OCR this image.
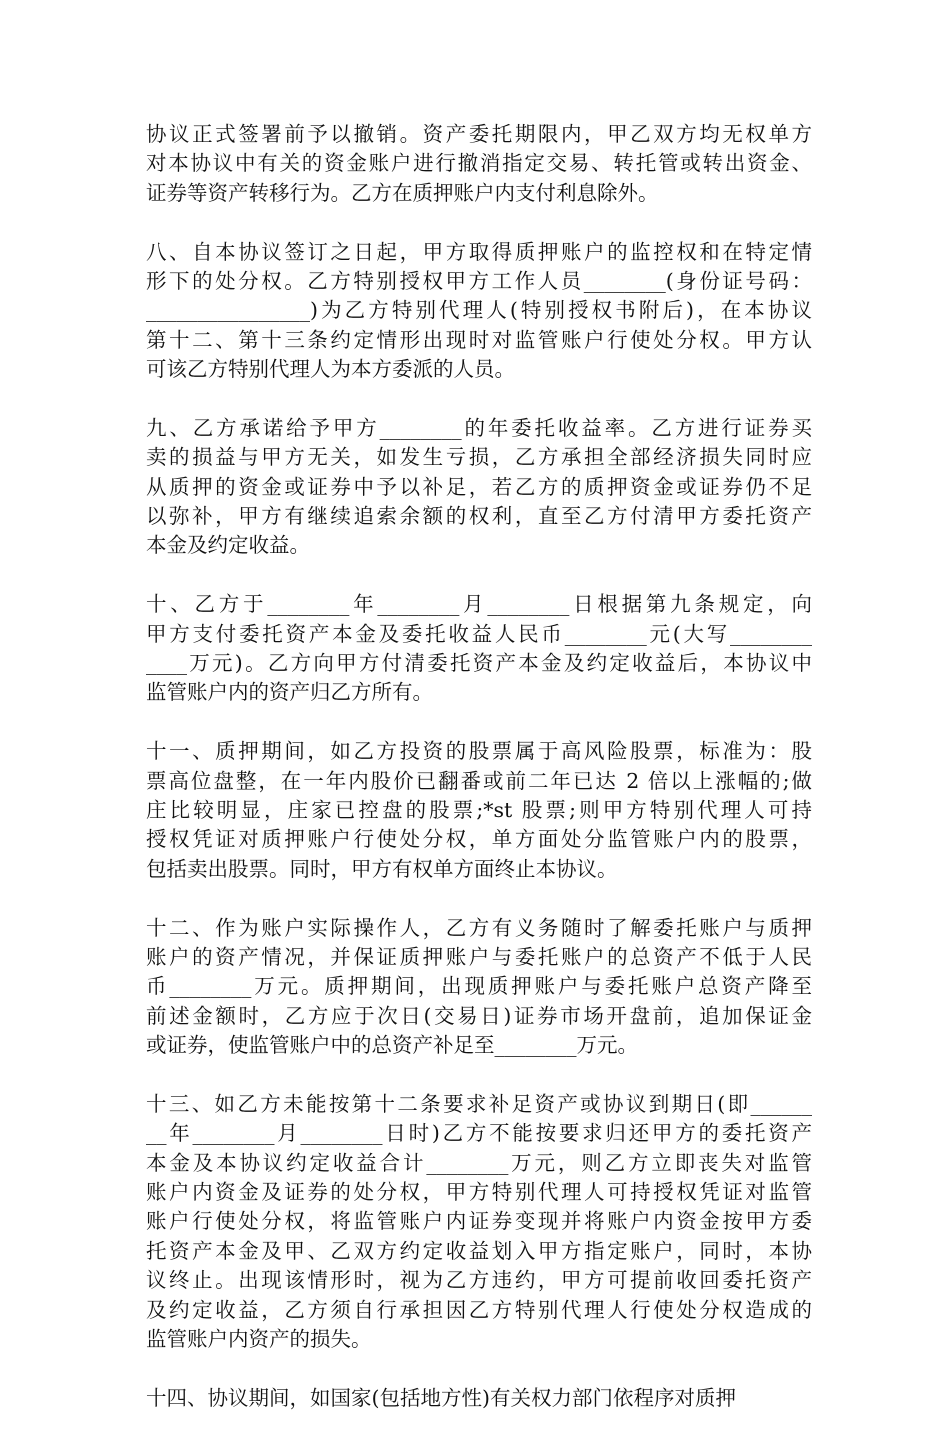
协议正式签署前予以撤销。资产委托期限内，甲乙双方均无权单方
对本协议中有关的资金账户进行撤消指定交易、转托管或转出资金、
证券等资产转移行为。乙方在质押账户内支付利息除外。
八、自本协议签订之日起，甲方取得质押账户的监控权和在特定情
形下的处分权。乙方特别授权甲方工作人员________(身份证号码：
________________)为乙方特别代理人(特别授权书附后)，在本协议
第十二、第十三条约定情形出现时对监管账户行使处分权。甲方认
可该乙方特别代理人为本方委派的人员。
九、乙方承诺给予甲方________的年委托收益率。乙方进行证券买
卖的损益与甲方无关，如发生亏损，乙方承担全部经济损失同时应
从质押的资金或证券中予以补足，若乙方的质押资金或证券仍不足
以弥补，甲方有继续追索余额的权利，直至乙方付清甲方委托资产
本金及约定收益。
十、乙方于________年________月________日根据第九条规定，向
甲方支付委托资产本金及委托收益人民币________元(大写________
____万元)。乙方向甲方付清委托资产本金及约定收益后，本协议中
监管账户内的资产归乙方所有。
十一、质押期间，如乙方投资的股票属于高风险股票，标准为：股
票高位盘整，在一年内股价已翻番或前二年已达 2 倍以上涨幅的;做
庄比较明显，庄家已控盘的股票;*st 股票;则甲方特别代理人可持
授权凭证对质押账户行使处分权，单方面处分监管账户内的股票，
包括卖出股票。同时，甲方有权单方面终止本协议。
十二、作为账户实际操作人，乙方有义务随时了解委托账户与质押
账户的资产情况，并保证质押账户与委托账户的总资产不低于人民
币________万元。质押期间，出现质押账户与委托账户总资产降至
前述金额时，乙方应于次日(交易日)证券市场开盘前，追加保证金
或证券，使监管账户中的总资产补足至________万元。
十三、如乙方未能按第十二条要求补足资产或协议到期日(即______
__年________月________日时)乙方不能按要求归还甲方的委托资产
本金及本协议约定收益合计________万元，则乙方立即丧失对监管
账户内资金及证券的处分权，甲方特别代理人可持授权凭证对监管
账户行使处分权，将监管账户内证券变现并将账户内资金按甲方委
托资产本金及甲、乙双方约定收益划入甲方指定账户，同时，本协
议终止。出现该情形时，视为乙方违约，甲方可提前收回委托资产
及约定收益，乙方须自行承担因乙方特别代理人行使处分权造成的
监管账户内资产的损失。
十四、协议期间，如国家(包括地方性)有关权力部门依程序对质押
